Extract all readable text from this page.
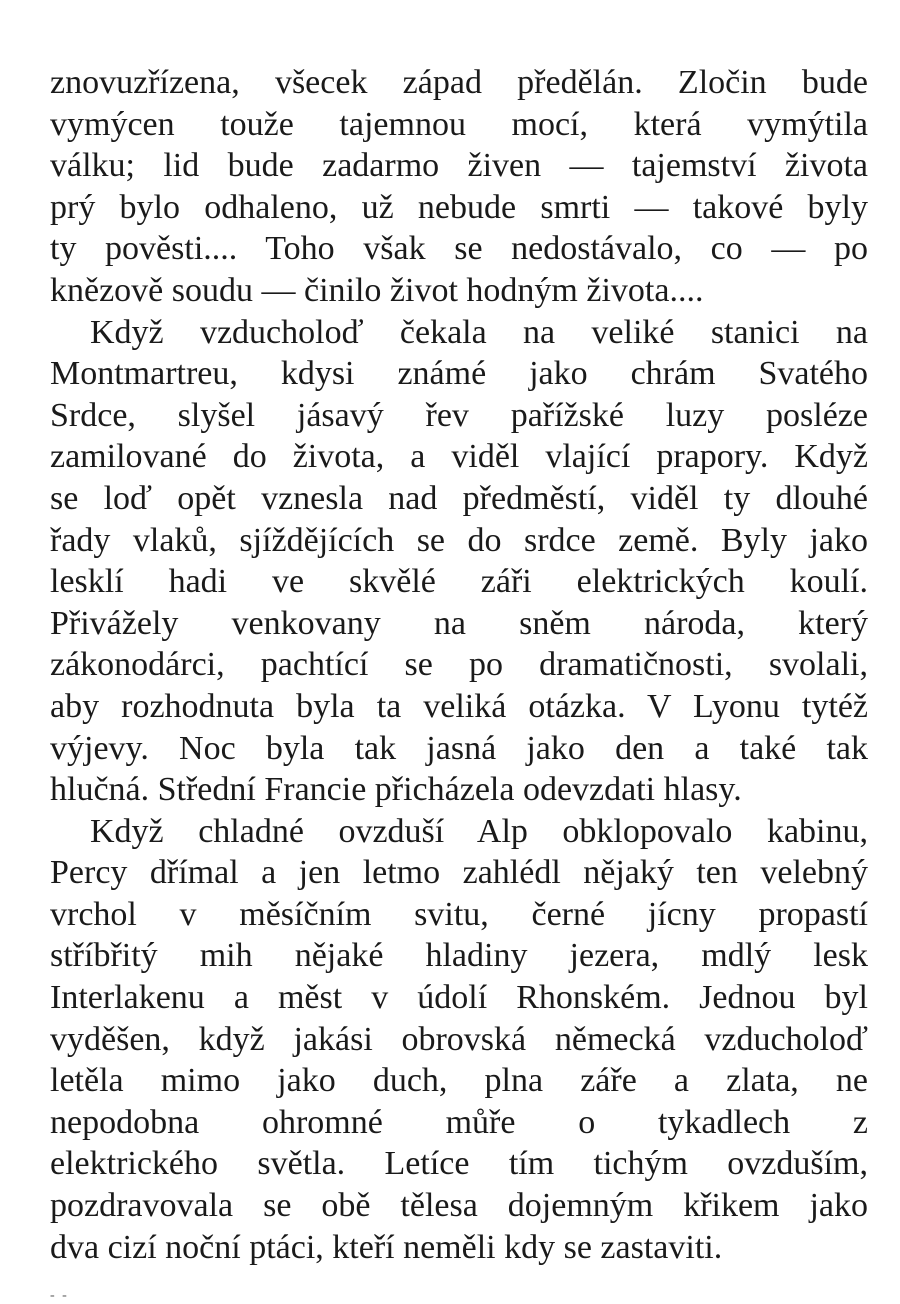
znovuzřízena, všecek západ předělán. Zločin bude
vymýcen touže tajemnou mocí, která vymýtila
válku; lid bude zadarmo živen — tajemství života
prý bylo odhaleno, už nebude smrti — takové byly
ty pověsti.... Toho však se nedostávalo, co — po
knězově soudu — činilo život hodným života....
Když vzducholoď čekala na veliké stanici na
Montmartreu, kdysi známé jako chrám Svatého
Srdce, slyšel jásavý řev pařížské luzy posléze
zamilované do života, a viděl vlající prapory. Když
se loď opět vznesla nad předměstí, viděl ty dlouhé
řady vlaků, sjíždějících se do srdce země. Byly jako
lesklí hadi ve skvělé záři elektrických koulí.
Přivážely venkovany na sněm národa, který
zákonodárci, pachtící se po dramatičnosti, svolali,
aby rozhodnuta byla ta veliká otázka. V Lyonu tytéž
výjevy. Noc byla tak jasná jako den a také tak
hlučná. Střední Francie přicházela odevzdati hlasy.
Když chladné ovzduší Alp obklopovalo kabinu,
Percy dřímal a jen letmo zahlédl nějaký ten velebný
vrchol v měsíčním svitu, černé jícny propastí
stříbřitý mih nějaké hladiny jezera, mdlý lesk
Interlakenu a měst v údolí Rhonském. Jednou byl
vyděšen, když jakási obrovská německá vzducholoď
letěla mimo jako duch, plna záře a zlata, ne
nepodobna ohromné můře o tykadlech z
elektrického světla. Letíce tím tichým ovzduším,
pozdravovala se obě tělesa dojemným křikem jako
dva cizí noční ptáci, kteří neměli kdy se zastaviti.
- -
